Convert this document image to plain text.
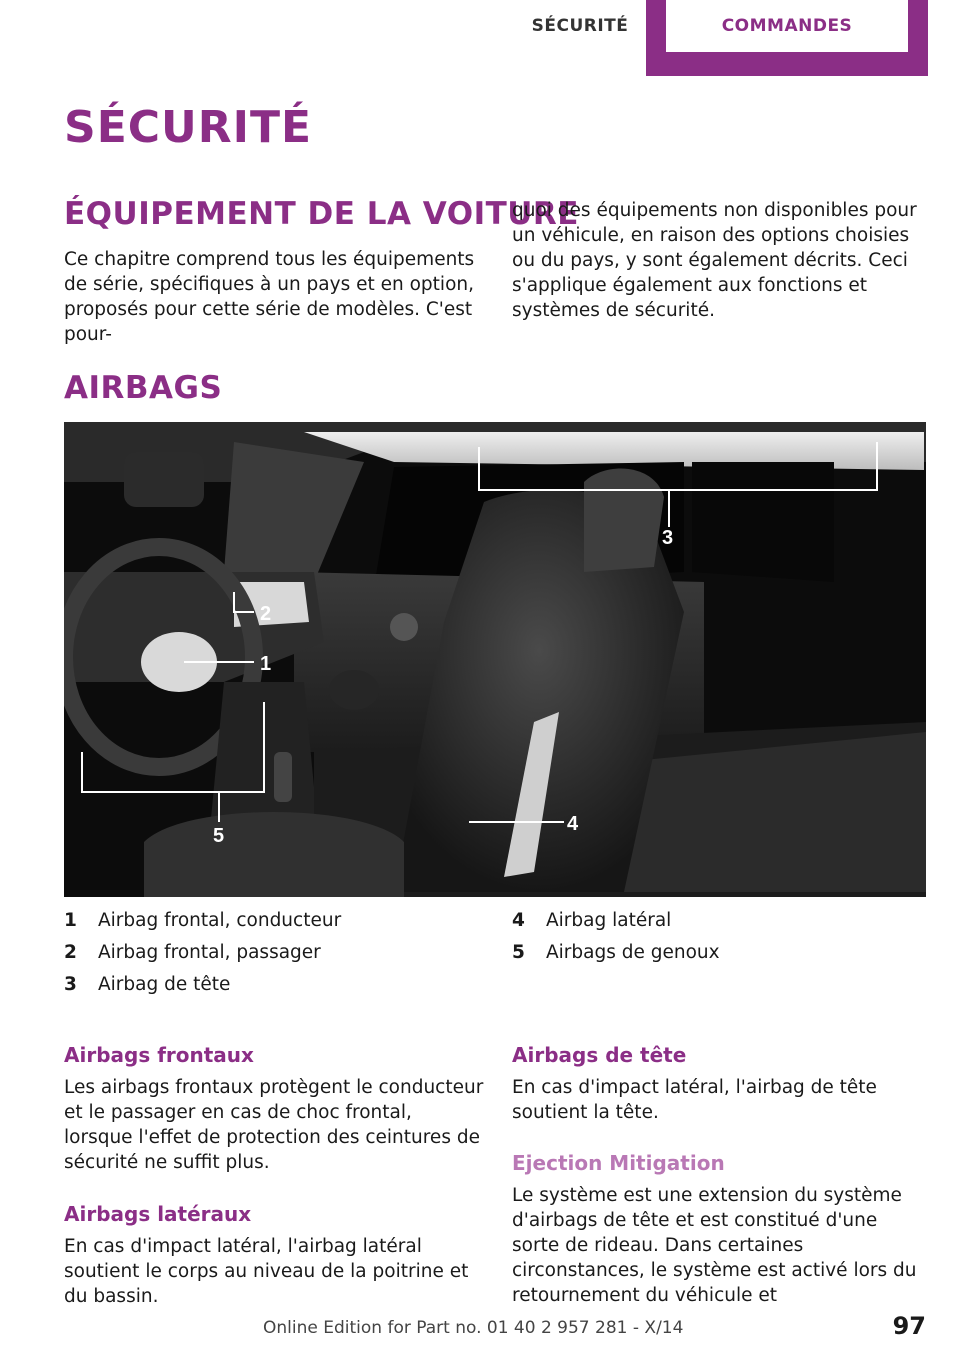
SÉCURITÉ	COMMANDES
SÉCURITÉ
ÉQUIPEMENT DE LA VOITURE
Ce chapitre comprend tous les équipements de série, spécifiques à un pays et en option, proposés pour cette série de modèles. C'est pour-
quoi des équipements non disponibles pour un véhicule, en raison des options choisies ou du pays, y sont également décrits. Ceci s'applique également aux fonctions et systèmes de sécurité.
AIRBAGS
3
2
1
4
5
1	Airbag frontal, conducteur
2	Airbag frontal, passager
3	Airbag de tête
4	Airbag latéral
5	Airbags de genoux
Airbags frontaux
Les airbags frontaux protègent le conducteur et le passager en cas de choc frontal, lorsque l'effet de protection des ceintures de sécurité ne suffit plus.
Airbags latéraux
En cas d'impact latéral, l'airbag latéral soutient le corps au niveau de la poitrine et du bassin.
Airbags de tête
En cas d'impact latéral, l'airbag de tête soutient la tête.
Ejection Mitigation
Le système est une extension du système d'airbags de tête et est constitué d'une sorte de rideau. Dans certaines circonstances, le système est activé lors du retournement du véhicule et
Online Edition for Part no. 01 40 2 957 281 - X/14	97
